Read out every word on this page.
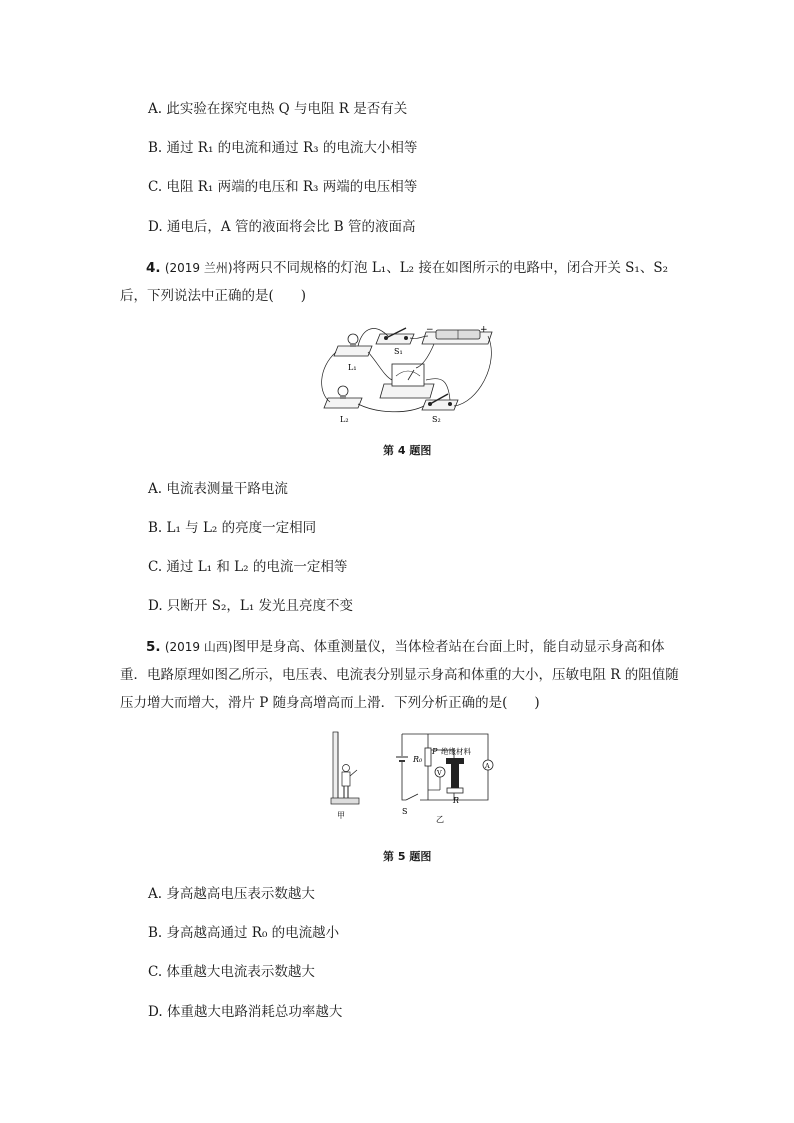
A. 此实验在探究电热 Q 与电阻 R 是否有关
B. 通过 R₁ 的电流和通过 R₃ 的电流大小相等
C. 电阻 R₁ 两端的电压和 R₃ 两端的电压相等
D. 通电后，A 管的液面将会比 B 管的液面高
4. (2019 兰州)将两只不同规格的灯泡 L₁、L₂ 接在如图所示的电路中，闭合开关 S₁、S₂ 后，下列说法中正确的是(　　)
−	+
S₁
L₁
L₂	S₂
第 4 题图
A. 电流表测量干路电流
B. L₁ 与 L₂ 的亮度一定相同
C. 通过 L₁ 和 L₂ 的电流一定相等
D. 只断开 S₂，L₁ 发光且亮度不变
5. (2019 山西)图甲是身高、体重测量仪，当体检者站在台面上时，能自动显示身高和体重．电路原理如图乙所示，电压表、电流表分别显示身高和体重的大小，压敏电阻 R 的阻值随压力增大而增大，滑片 P 随身高增高而上滑．下列分析正确的是(　　)
甲
R₀
P 绝缘材料
V
R
A
S
乙
第 5 题图
A. 身高越高电压表示数越大
B. 身高越高通过 R₀ 的电流越小
C. 体重越大电流表示数越大
D. 体重越大电路消耗总功率越大
